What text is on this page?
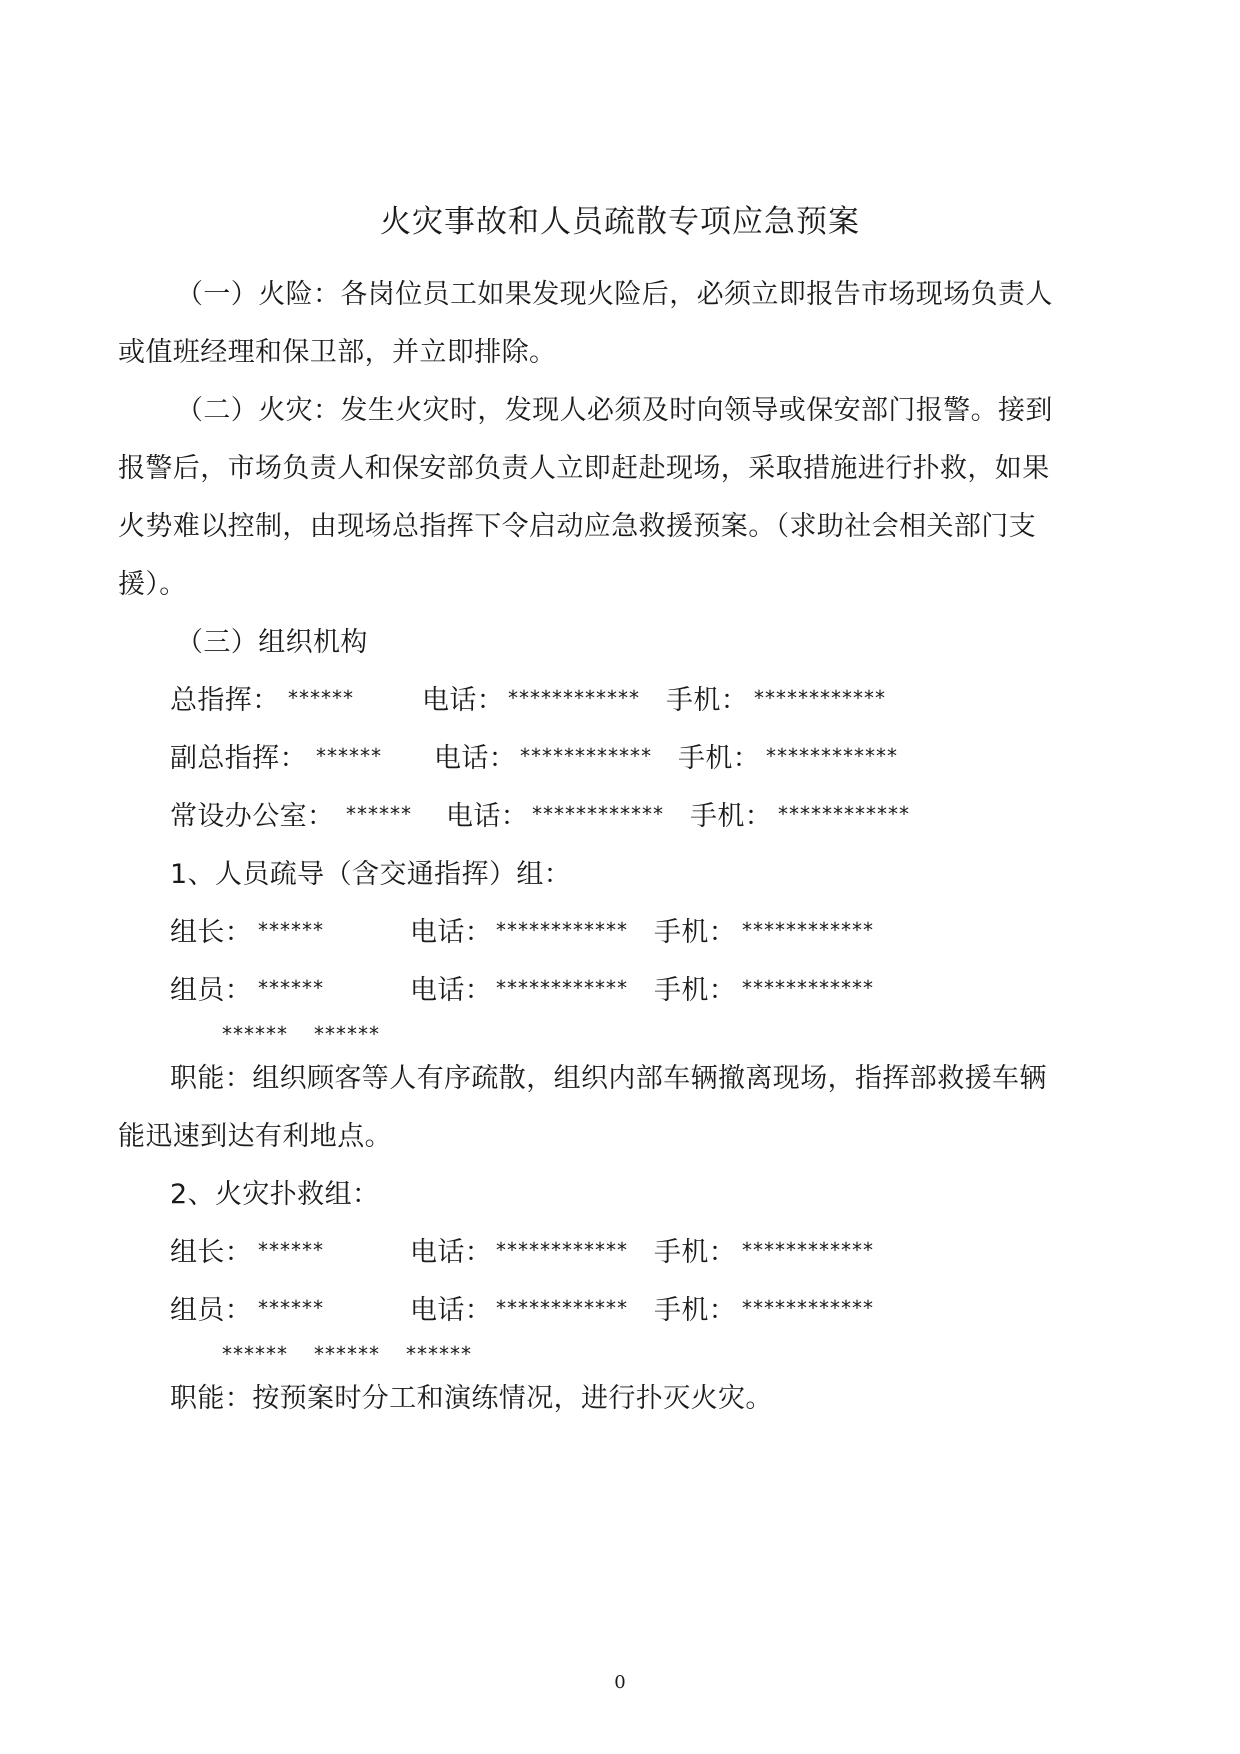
火灾事故和人员疏散专项应急预案
（一）火险：各岗位员工如果发现火险后，必须立即报告市场现场负责人
或值班经理和保卫部，并立即排除。
（二）火灾：发生火灾时，发现人必须及时向领导或保安部门报警。接到
报警后，市场负责人和保安部负责人立即赶赴现场，采取措施进行扑救，如果
火势难以控制，由现场总指挥下令启动应急救援预案。（求助社会相关部门支
援）。
（三）组织机构
总指挥： ******	电话： ************ 手机： ************
副总指挥： ****** 电话： ************ 手机： ************
常设办公室： ****** 电话： ************ 手机： ************
1、人员疏导（含交通指挥）组：
组长： ******	电话： ************ 手机： ************
组员： ******	电话： ************ 手机： ************
****** ******
职能：组织顾客等人有序疏散，组织内部车辆撤离现场，指挥部救援车辆
能迅速到达有利地点。
2、火灾扑救组：
组长： ******	电话： ************ 手机： ************
组员： ******	电话： ************ 手机： ************
****** ****** ******
职能：按预案时分工和演练情况，进行扑灭火灾。
0
